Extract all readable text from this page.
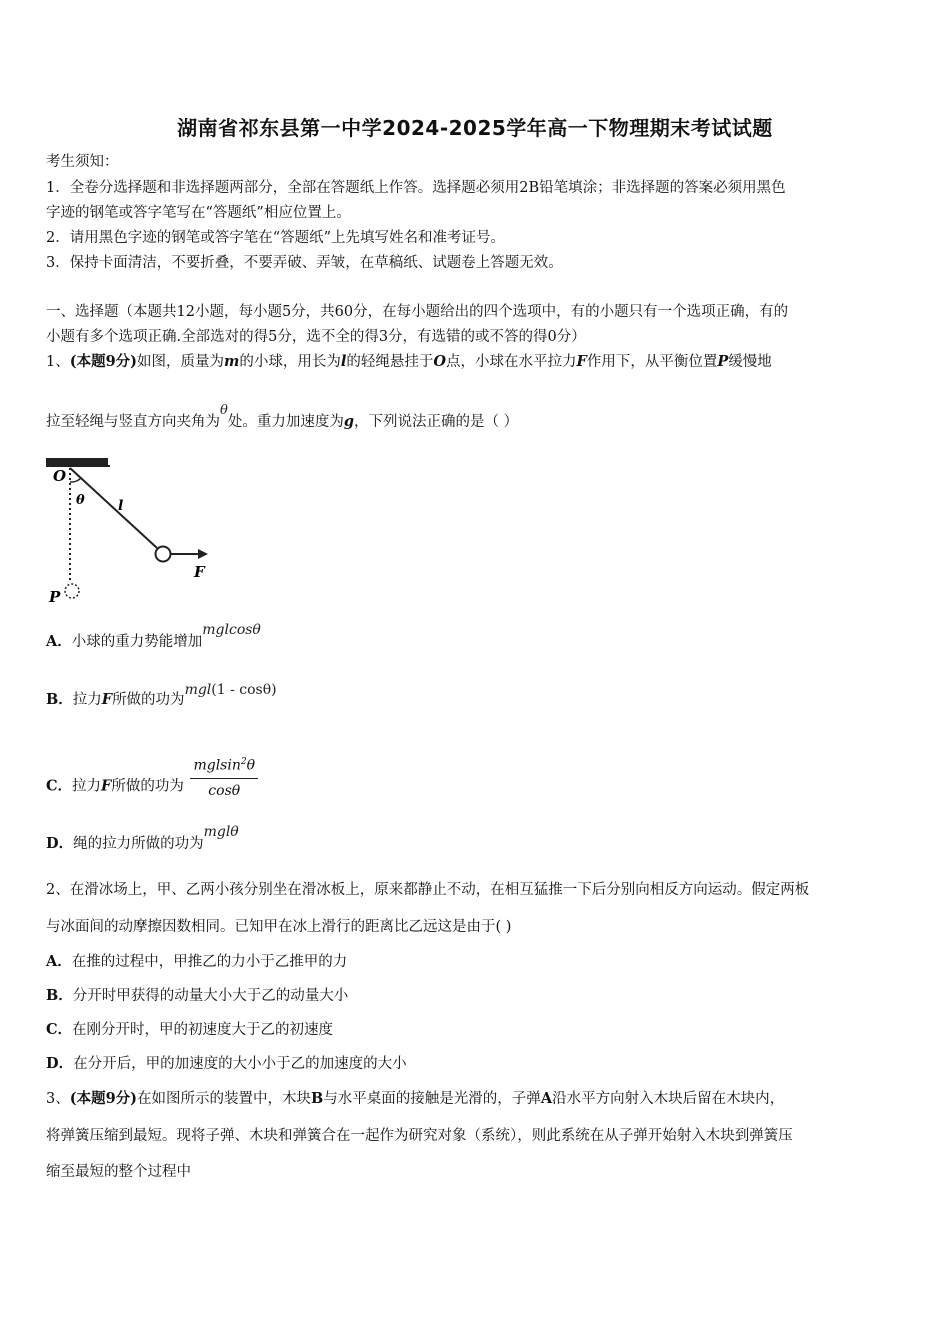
湖南省祁东县第一中学2024-2025学年高一下物理期末考试试题
考生须知：
1．全卷分选择题和非选择题两部分，全部在答题纸上作答。选择题必须用2B铅笔填涂；非选择题的答案必须用黑色
字迹的钢笔或答字笔写在“答题纸”相应位置上。
2．请用黑色字迹的钢笔或答字笔在“答题纸”上先填写姓名和准考证号。
3．保持卡面清洁，不要折叠，不要弄破、弄皱，在草稿纸、试题卷上答题无效。
一、选择题（本题共12小题，每小题5分，共60分，在每小题给出的四个选项中，有的小题只有一个选项正确，有的
小题有多个选项正确.全部选对的得5分，选不全的得3分，有选错的或不答的得0分）
1、(本题9分)如图，质量为m的小球，用长为l的轻绳悬挂于O点，小球在水平拉力F作用下，从平衡位置P缓慢地
拉至轻绳与竖直方向夹角为θ处。重力加速度为g，下列说法正确的是（ ）
O
θ l
F
P
A．小球的重力势能增加mglcosθ
B．拉力F所做的功为mgl(1 - cosθ)
C．拉力F所做的功为 $\frac{mglsin^2\theta}{\cos\theta}$
D．绳的拉力所做的功为mglθ
2、在滑冰场上，甲、乙两小孩分别坐在滑冰板上，原来都静止不动，在相互猛推一下后分别向相反方向运动。假定两板
与冰面间的动摩擦因数相同。已知甲在冰上滑行的距离比乙远这是由于( )
A．在推的过程中，甲推乙的力小于乙推甲的力
B．分开时甲获得的动量大小大于乙的动量大小
C．在刚分开时，甲的初速度大于乙的初速度
D．在分开后，甲的加速度的大小小于乙的加速度的大小
3、(本题9分)在如图所示的装置中，木块B与水平桌面的接触是光滑的，子弹A沿水平方向射入木块后留在木块内，
将弹簧压缩到最短。现将子弹、木块和弹簧合在一起作为研究对象（系统），则此系统在从子弹开始射入木块到弹簧压
缩至最短的整个过程中
